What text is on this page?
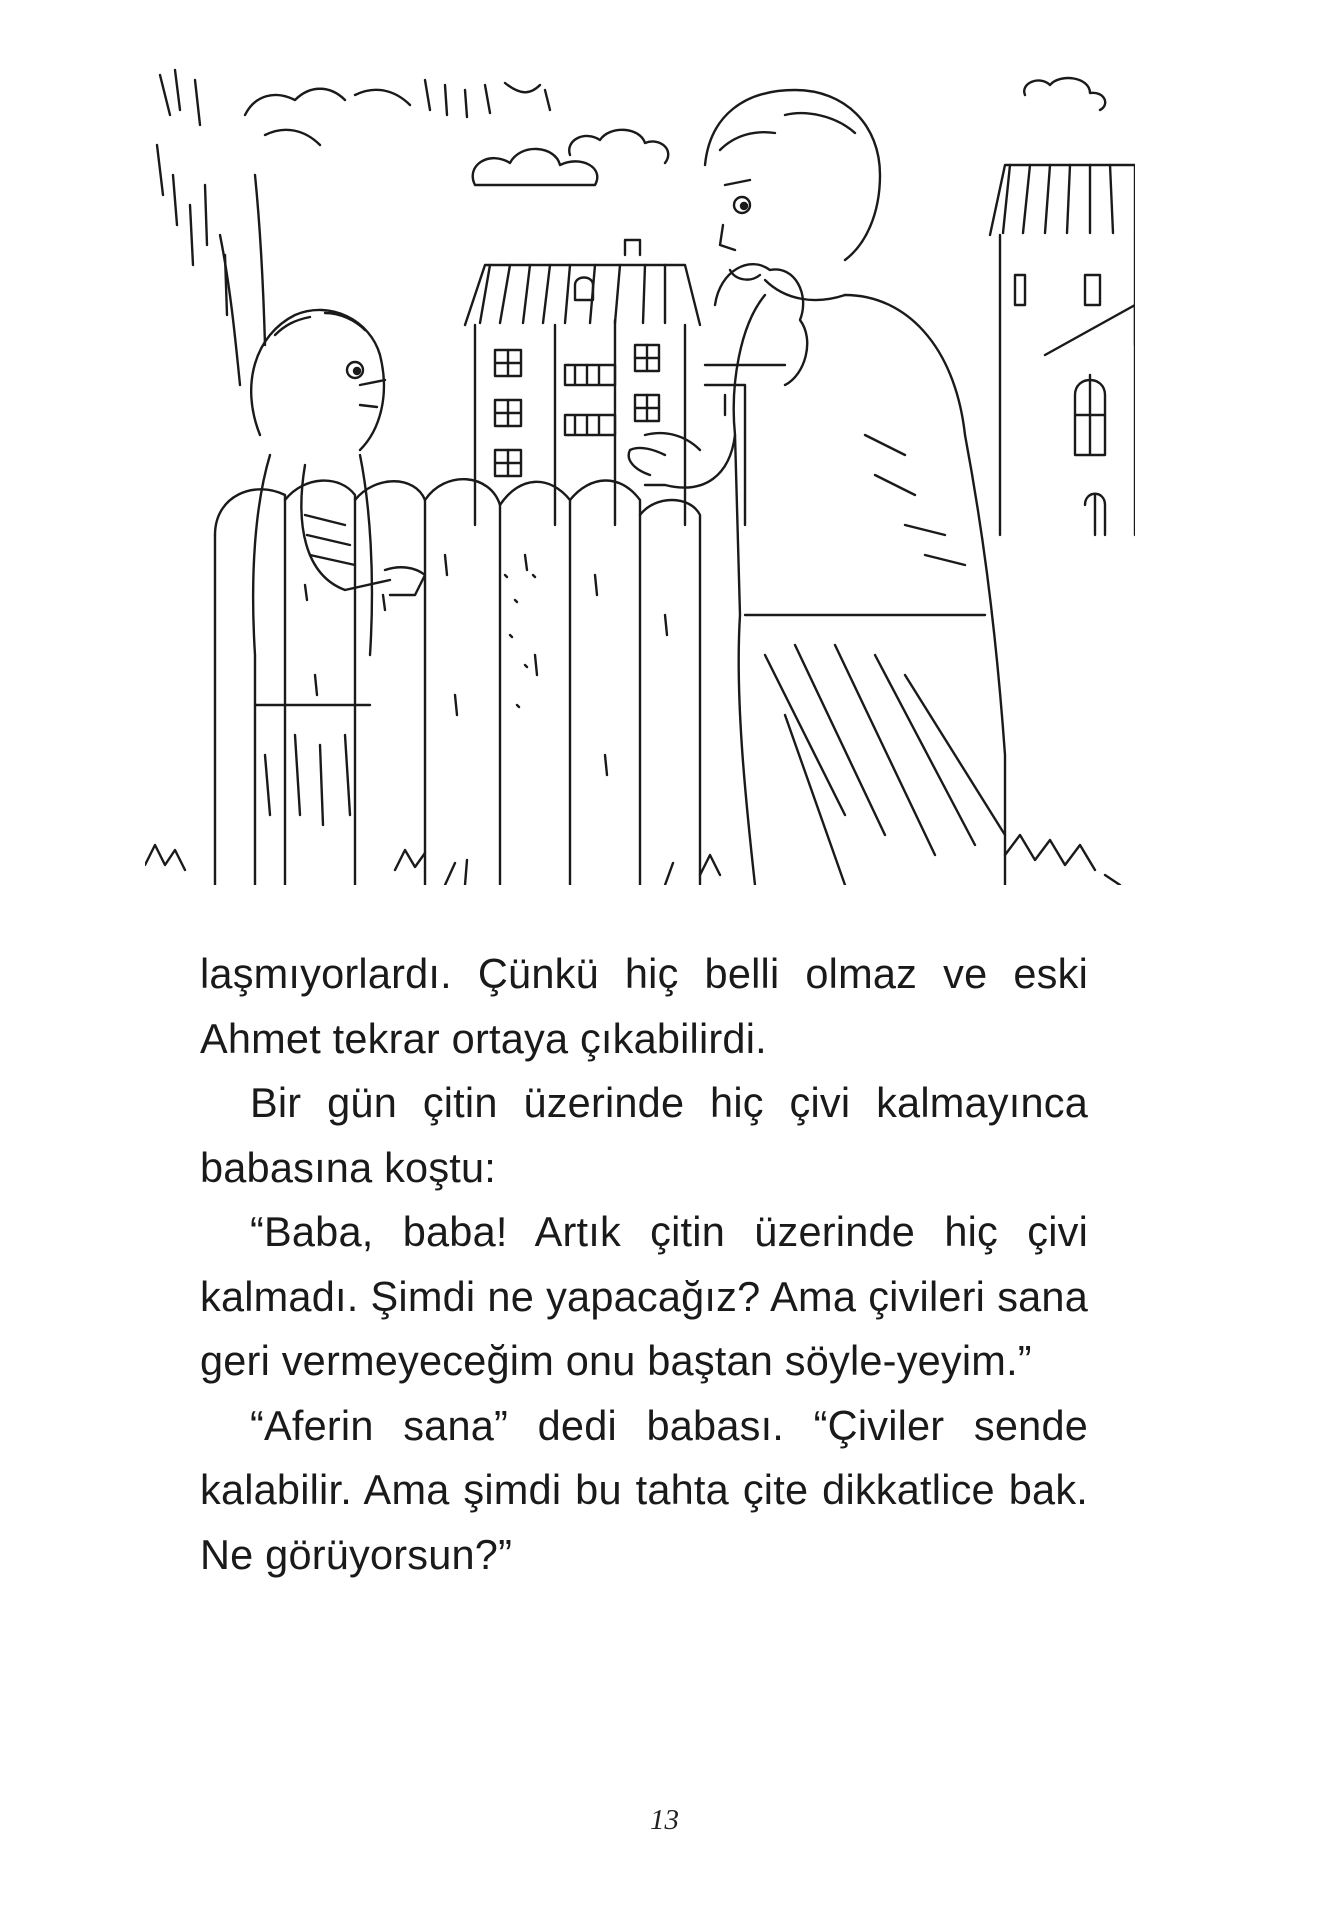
laşmıyorlardı. Çünkü hiç belli olmaz ve eski Ahmet tekrar ortaya çıkabilirdi.

Bir gün çitin üzerinde hiç çivi kalmayınca babasına koştu:

“Baba, baba! Artık çitin üzerinde hiç çivi kalmadı. Şimdi ne yapacağız? Ama çivileri sana geri vermeyeceğim onu baştan söyle-yeyim.”

“Aferin sana” dedi babası. “Çiviler sende kalabilir. Ama şimdi bu tahta çite dikkatlice bak. Ne görüyorsun?”

13
